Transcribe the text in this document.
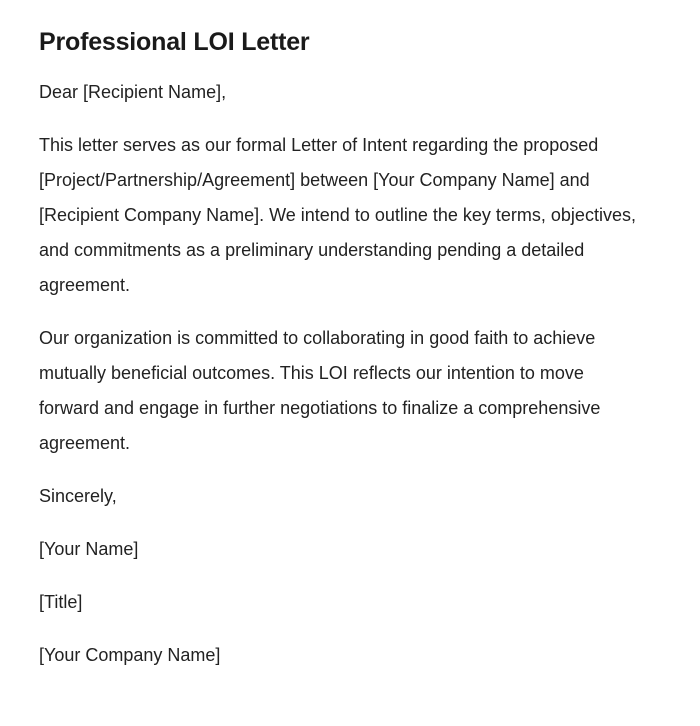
Professional LOI Letter

Dear [Recipient Name],

This letter serves as our formal Letter of Intent regarding the proposed [Project/Partnership/Agreement] between [Your Company Name] and [Recipient Company Name]. We intend to outline the key terms, objectives, and commitments as a preliminary understanding pending a detailed agreement.

Our organization is committed to collaborating in good faith to achieve mutually beneficial outcomes. This LOI reflects our intention to move forward and engage in further negotiations to finalize a comprehensive agreement.

Sincerely,

[Your Name]

[Title]

[Your Company Name]
